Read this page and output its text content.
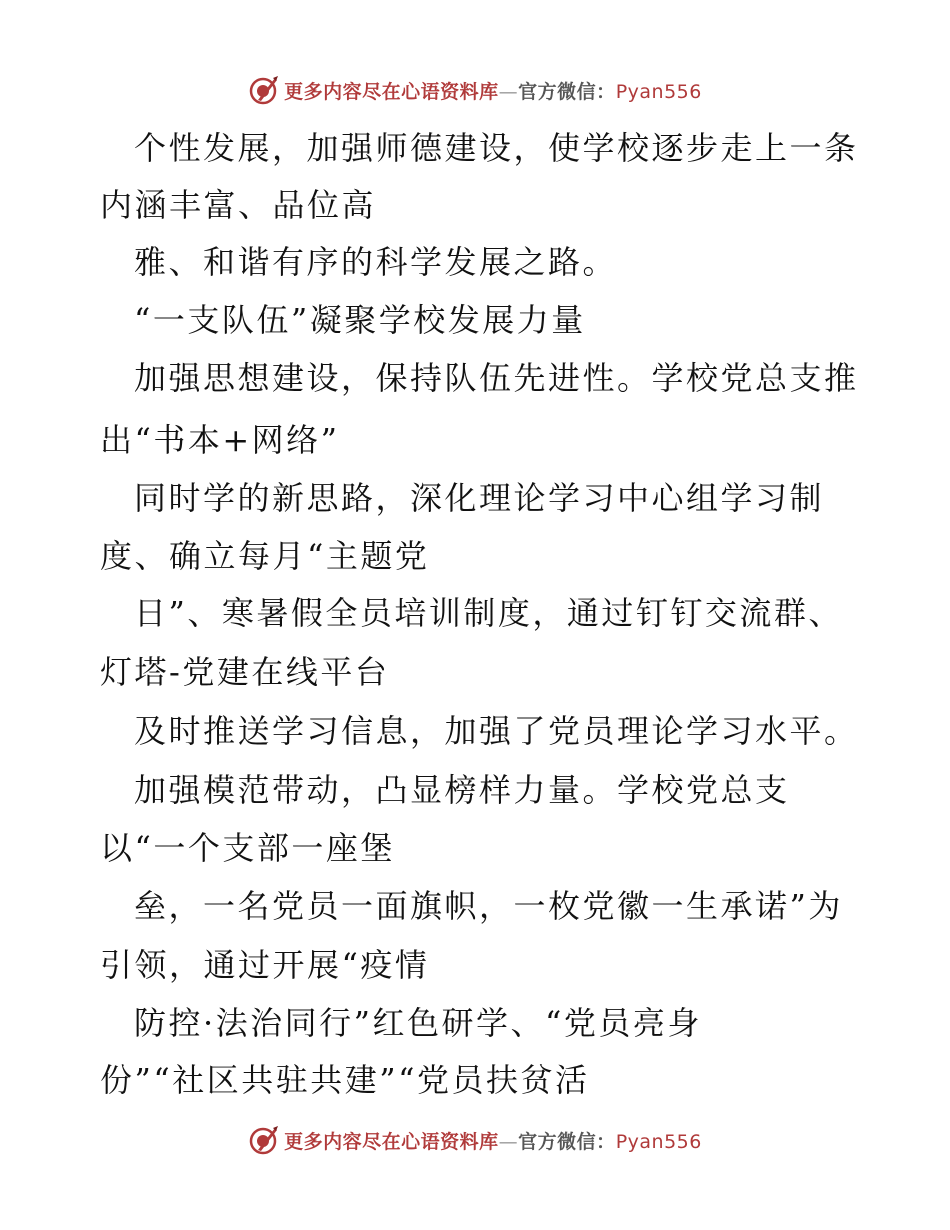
更多内容尽在心语资料库—官方微信：Pyan556
个性发展，加强师德建设，使学校逐步走上一条
内涵丰富、品位高
雅、和谐有序的科学发展之路。
“一支队伍”凝聚学校发展力量
加强思想建设，保持队伍先进性。学校党总支推
出“书本+网络”
同时学的新思路，深化理论学习中心组学习制
度、确立每月“主题党
日”、寒暑假全员培训制度，通过钉钉交流群、
灯塔-党建在线平台
及时推送学习信息，加强了党员理论学习水平。
加强模范带动，凸显榜样力量。学校党总支
以“一个支部一座堡
垒，一名党员一面旗帜，一枚党徽一生承诺”为
引领，通过开展“疫情
防控·法治同行”红色研学、“党员亮身
份”“社区共驻共建”“党员扶贫活
更多内容尽在心语资料库—官方微信：Pyan556
